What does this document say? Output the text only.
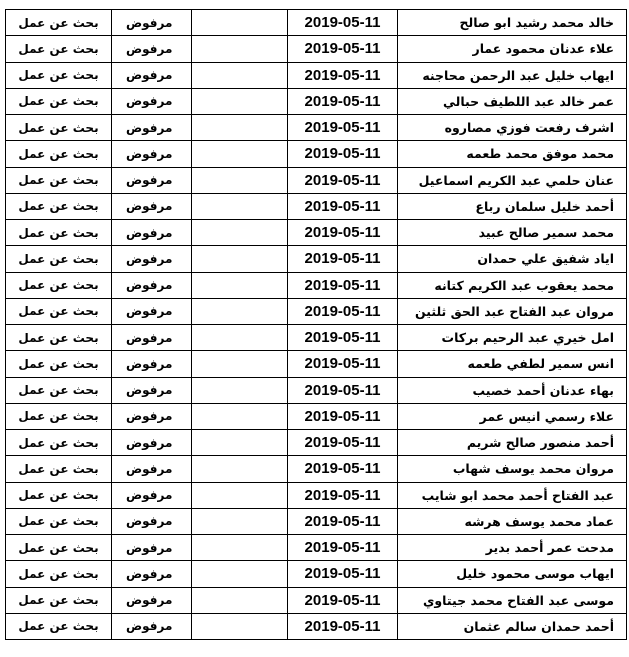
بحث عن عمل	مرفوض		2019-05-11	خالد محمد رشيد ابو صالح
بحث عن عمل	مرفوض		2019-05-11	علاء عدنان محمود عمار
بحث عن عمل	مرفوض		2019-05-11	ايهاب خليل عبد الرحمن محاجنه
بحث عن عمل	مرفوض		2019-05-11	عمر خالد عبد اللطيف حبالي
بحث عن عمل	مرفوض		2019-05-11	اشرف رفعت فوزي مصاروه
بحث عن عمل	مرفوض		2019-05-11	محمد موفق محمد طعمه
بحث عن عمل	مرفوض		2019-05-11	عنان حلمي عبد الكريم اسماعيل
بحث عن عمل	مرفوض		2019-05-11	أحمد خليل سلمان رباع
بحث عن عمل	مرفوض		2019-05-11	محمد سمير صالح عبيد
بحث عن عمل	مرفوض		2019-05-11	اياد شفيق علي حمدان
بحث عن عمل	مرفوض		2019-05-11	محمد يعقوب عبد الكريم كتانه
بحث عن عمل	مرفوض		2019-05-11	مروان عبد الفتاح عبد الحق ثلثين
بحث عن عمل	مرفوض		2019-05-11	امل خيري عبد الرحيم بركات
بحث عن عمل	مرفوض		2019-05-11	انس سمير لطفي طعمه
بحث عن عمل	مرفوض		2019-05-11	بهاء عدنان أحمد خصيب
بحث عن عمل	مرفوض		2019-05-11	علاء رسمي انيس عمر
بحث عن عمل	مرفوض		2019-05-11	أحمد منصور صالح شريم
بحث عن عمل	مرفوض		2019-05-11	مروان محمد يوسف شهاب
بحث عن عمل	مرفوض		2019-05-11	عبد الفتاح أحمد محمد ابو شايب
بحث عن عمل	مرفوض		2019-05-11	عماد محمد يوسف هرشه
بحث عن عمل	مرفوض		2019-05-11	مدحت عمر أحمد بدير
بحث عن عمل	مرفوض		2019-05-11	ايهاب موسى محمود خليل
بحث عن عمل	مرفوض		2019-05-11	موسى عبد الفتاح محمد جيتاوي
بحث عن عمل	مرفوض		2019-05-11	أحمد حمدان سالم عثمان
